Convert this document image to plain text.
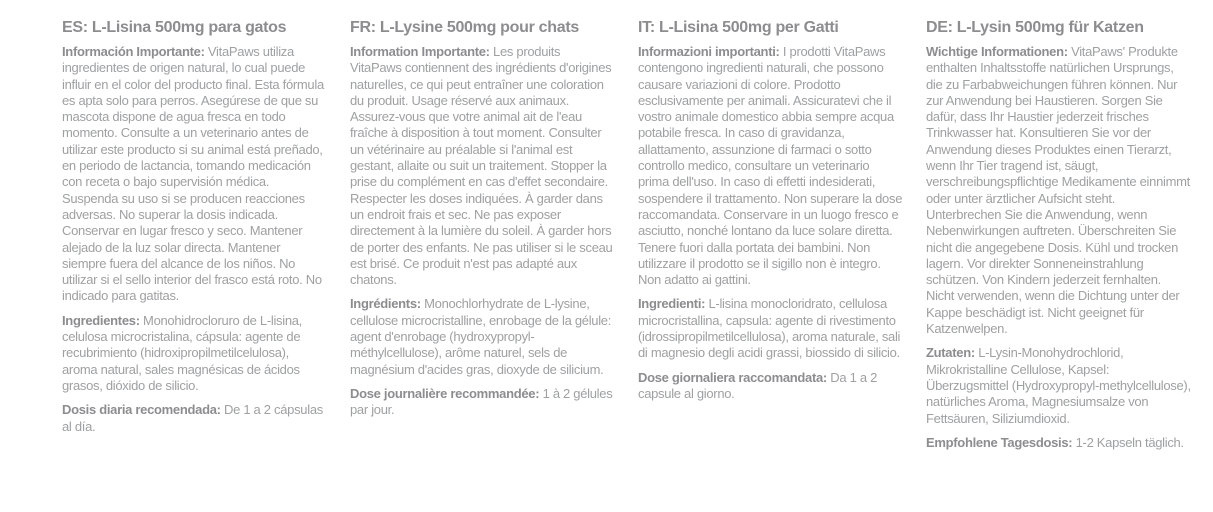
ES: L-Lisina 500mg para gatos

Información Importante: VitaPaws utiliza ingredientes de origen natural, lo cual puede influir en el color del producto final. Esta fórmula es apta solo para perros. Asegúrese de que su mascota dispone de agua fresca en todo momento. Consulte a un veterinario antes de utilizar este producto si su animal está preñado, en periodo de lactancia, tomando medicación con receta o bajo supervisión médica. Suspenda su uso si se producen reacciones adversas. No superar la dosis indicada. Conservar en lugar fresco y seco. Mantener alejado de la luz solar directa. Mantener siempre fuera del alcance de los niños. No utilizar si el sello interior del frasco está roto. No indicado para gatitas.

Ingredientes: Monohidrocloruro de L-lisina, celulosa microcristalina, cápsula: agente de recubrimiento (hidroxipropilmetilcelulosa), aroma natural, sales magnésicas de ácidos grasos, dióxido de silicio.

Dosis diaria recomendada: De 1 a 2 cápsulas al día.

FR: L-Lysine 500mg pour chats

Information Importante: Les produits VitaPaws contiennent des ingrédients d'origines naturelles, ce qui peut entraîner une coloration du produit. Usage réservé aux animaux. Assurez-vous que votre animal ait de l'eau fraîche à disposition à tout moment. Consulter un vétérinaire au préalable si l'animal est gestant, allaite ou suit un traitement. Stopper la prise du complément en cas d'effet secondaire. Respecter les doses indiquées. À garder dans un endroit frais et sec. Ne pas exposer directement à la lumière du soleil. À garder hors de porter des enfants. Ne pas utiliser si le sceau est brisé. Ce produit n'est pas adapté aux chatons.

Ingrédients: Monochlorhydrate de L-lysine, cellulose microcristalline, enrobage de la gélule: agent d'enrobage (hydroxypropyl-méthylcellulose), arôme naturel, sels de magnésium d'acides gras, dioxyde de silicium.

Dose journalière recommandée: 1 à 2 gélules par jour.

IT: L-Lisina 500mg per Gatti

Informazioni importanti: I prodotti VitaPaws contengono ingredienti naturali, che possono causare variazioni di colore. Prodotto esclusivamente per animali. Assicuratevi che il vostro animale domestico abbia sempre acqua potabile fresca. In caso di gravidanza, allattamento, assunzione di farmaci o sotto controllo medico, consultare un veterinario prima dell'uso. In caso di effetti indesiderati, sospendere il trattamento. Non superare la dose raccomandata. Conservare in un luogo fresco e asciutto, nonché lontano da luce solare diretta. Tenere fuori dalla portata dei bambini. Non utilizzare il prodotto se il sigillo non è integro. Non adatto ai gattini.

Ingredienti: L-lisina monocloridrato, cellulosa microcristallina, capsula: agente di rivestimento (idrossipropilmetilcellulosa), aroma naturale, sali di magnesio degli acidi grassi, biossido di silicio.

Dose giornaliera raccomandata: Da 1 a 2 capsule al giorno.

DE: L-Lysin 500mg für Katzen

Wichtige Informationen: VitaPaws' Produkte enthalten Inhaltsstoffe natürlichen Ursprungs, die zu Farbabweichungen führen können. Nur zur Anwendung bei Haustieren. Sorgen Sie dafür, dass Ihr Haustier jederzeit frisches Trinkwasser hat. Konsultieren Sie vor der Anwendung dieses Produktes einen Tierarzt, wenn Ihr Tier tragend ist, säugt, verschreibungspflichtige Medikamente einnimmt oder unter ärztlicher Aufsicht steht. Unterbrechen Sie die Anwendung, wenn Nebenwirkungen auftreten. Überschreiten Sie nicht die angegebene Dosis. Kühl und trocken lagern. Vor direkter Sonneneinstrahlung schützen. Von Kindern jederzeit fernhalten. Nicht verwenden, wenn die Dichtung unter der Kappe beschädigt ist. Nicht geeignet für Katzenwelpen.

Zutaten: L-Lysin-Monohydrochlorid, Mikrokristalline Cellulose, Kapsel: Überzugsmittel (Hydroxypropyl-methylcellulose), natürliches Aroma, Magnesiumsalze von Fettsäuren, Siliziumdioxid.

Empfohlene Tagesdosis: 1-2 Kapseln täglich.
